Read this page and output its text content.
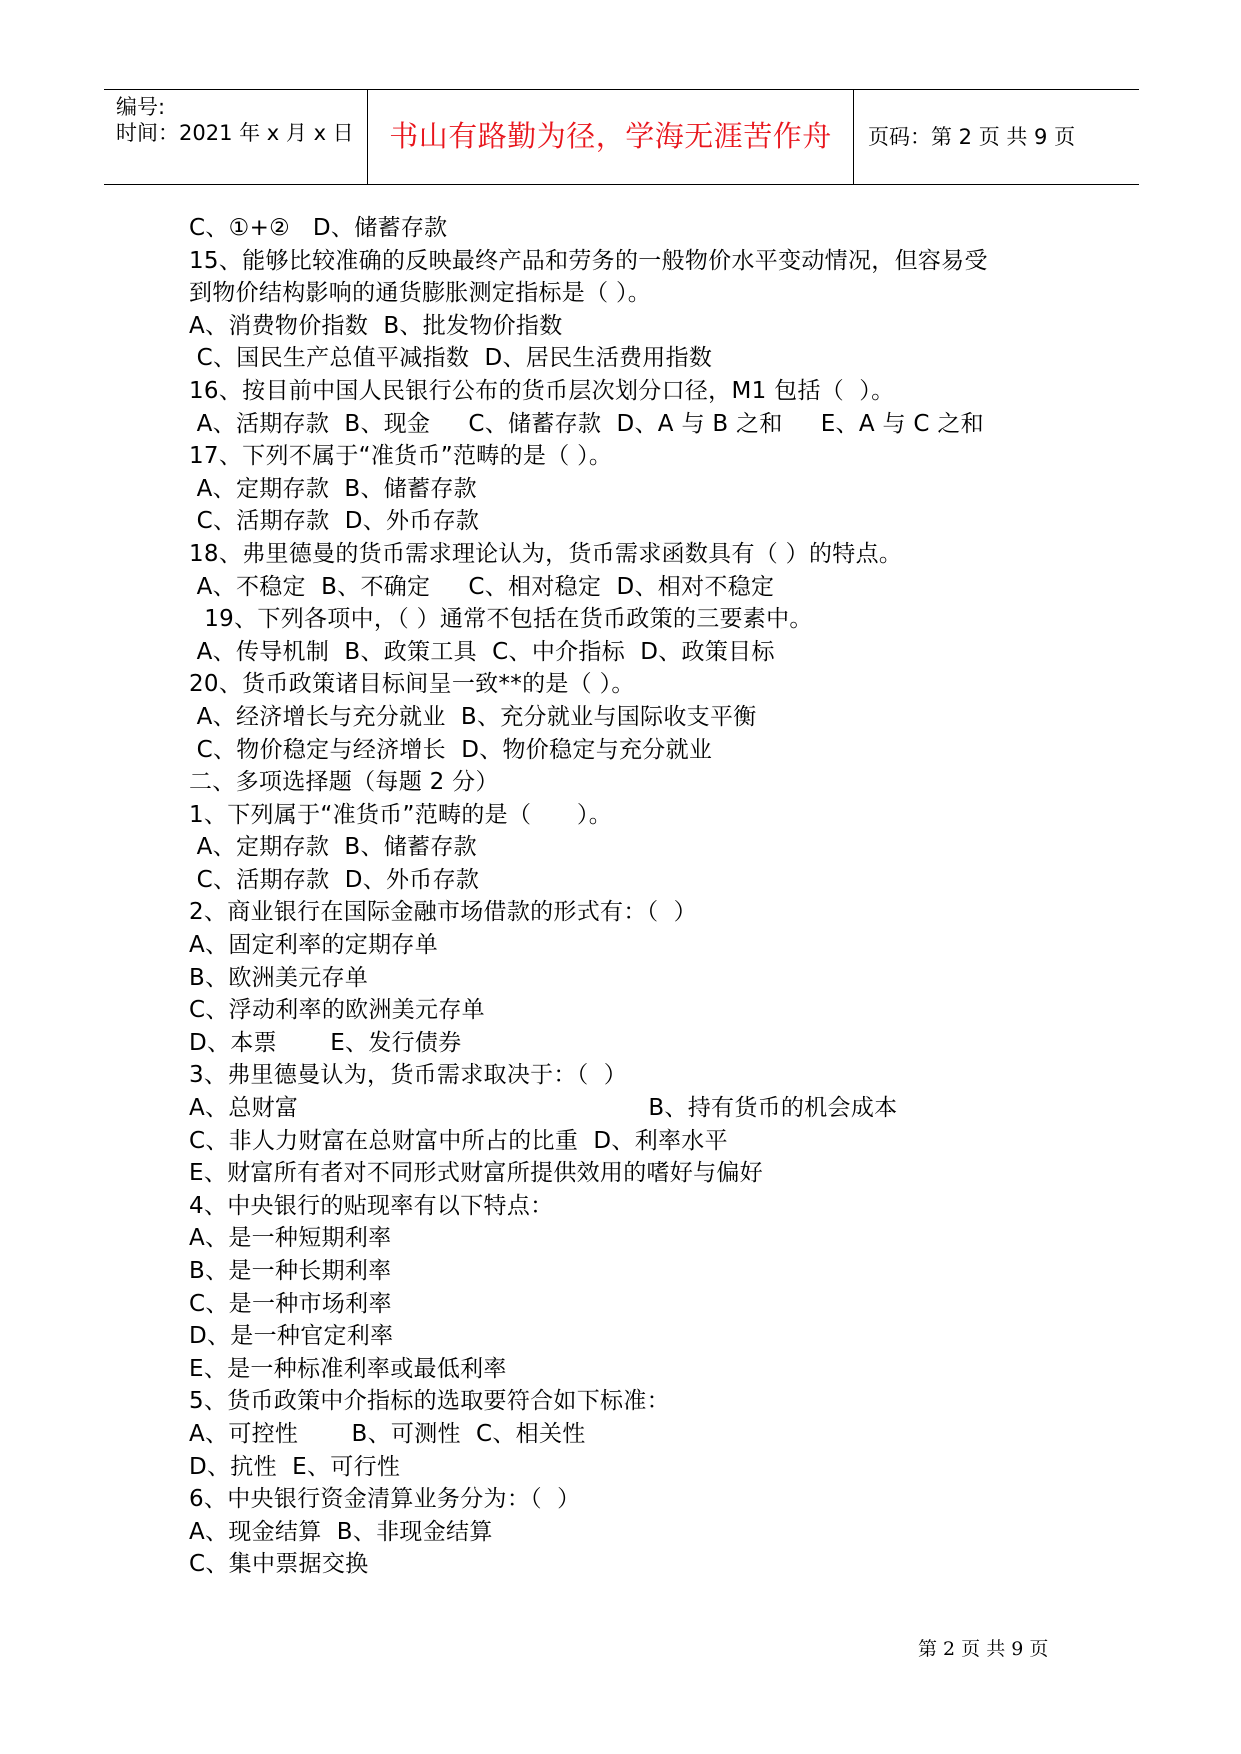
编号:
时间：2021 年 x 月 x 日	书山有路勤为径，学海无涯苦作舟	页码：第 2 页 共 9 页
C、①+②   D、储蓄存款
15、能够比较准确的反映最终产品和劳务的一般物价水平变动情况，但容易受
到物价结构影响的通货膨胀测定指标是（ ）。
A、消费物价指数  B、批发物价指数
C、国民生产总值平减指数  D、居民生活费用指数
16、按目前中国人民银行公布的货币层次划分口径，M1 包括（  ）。
A、活期存款  B、现金     C、储蓄存款  D、A 与 B 之和     E、A 与 C 之和
17、下列不属于“准货币”范畴的是（ ）。
A、定期存款  B、储蓄存款
C、活期存款  D、外币存款
18、弗里德曼的货币需求理论认为，货币需求函数具有（ ）的特点。
A、不稳定  B、不确定     C、相对稳定  D、相对不稳定
19、下列各项中，（ ）通常不包括在货币政策的三要素中。
A、传导机制  B、政策工具  C、中介指标  D、政策目标
20、货币政策诸目标间呈一致**的是（ ）。
A、经济增长与充分就业  B、充分就业与国际收支平衡
C、物价稳定与经济增长  D、物价稳定与充分就业
二、多项选择题（每题 2 分）
1、下列属于“准货币”范畴的是（      ）。
A、定期存款  B、储蓄存款
C、活期存款  D、外币存款
2、商业银行在国际金融市场借款的形式有：（  ）
A、固定利率的定期存单
B、欧洲美元存单
C、浮动利率的欧洲美元存单
D、本票       E、发行债券
3、弗里德曼认为，货币需求取决于：（  ）
A、总财富                                              B、持有货币的机会成本
C、非人力财富在总财富中所占的比重  D、利率水平
E、财富所有者对不同形式财富所提供效用的嗜好与偏好
4、中央银行的贴现率有以下特点：
A、是一种短期利率
B、是一种长期利率
C、是一种市场利率
D、是一种官定利率
E、是一种标准利率或最低利率
5、货币政策中介指标的选取要符合如下标准：
A、可控性       B、可测性  C、相关性
D、抗性  E、可行性
6、中央银行资金清算业务分为：（  ）
A、现金结算  B、非现金结算
C、集中票据交换
第 2 页 共 9 页
